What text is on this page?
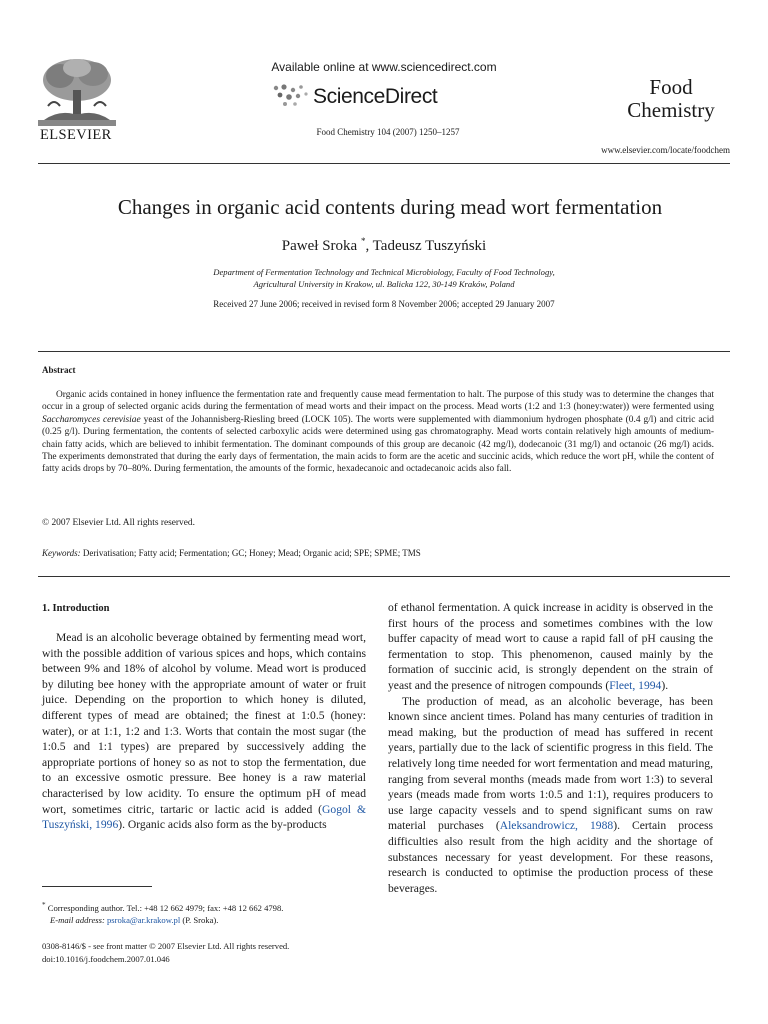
ELSEVIER
Available online at www.sciencedirect.com
ScienceDirect
Food Chemistry 104 (2007) 1250–1257
Food
Chemistry
www.elsevier.com/locate/foodchem
Changes in organic acid contents during mead wort fermentation
Paweł Sroka *, Tadeusz Tuszyński
Department of Fermentation Technology and Technical Microbiology, Faculty of Food Technology,
Agricultural University in Krakow, ul. Balicka 122, 30-149 Kraków, Poland
Received 27 June 2006; received in revised form 8 November 2006; accepted 29 January 2007
Abstract
Organic acids contained in honey influence the fermentation rate and frequently cause mead fermentation to halt. The purpose of this study was to determine the changes that occur in a group of selected organic acids during the fermentation of mead worts and their impact on the process. Mead worts (1:2 and 1:3 (honey:water)) were fermented using Saccharomyces cerevisiae yeast of the Johannisberg-Riesling breed (LOCK 105). The worts were supplemented with diammonium hydrogen phosphate (0.4 g/l) and citric acid (0.25 g/l). During fermentation, the contents of selected carboxylic acids were determined using gas chromatography. Mead worts contain relatively high amounts of medium-chain fatty acids, which are believed to inhibit fermentation. The dominant compounds of this group are decanoic (42 mg/l), dodecanoic (31 mg/l) and octanoic (26 mg/l) acids. The experiments demonstrated that during the early days of fermentation, the main acids to form are the acetic and succinic acids, which reduce the wort pH, while the content of fatty acids drops by 70–80%. During fermentation, the amounts of the formic, hexadecanoic and octadecanoic acids also fall.
© 2007 Elsevier Ltd. All rights reserved.
Keywords: Derivatisation; Fatty acid; Fermentation; GC; Honey; Mead; Organic acid; SPE; SPME; TMS
1. Introduction

Mead is an alcoholic beverage obtained by fermenting mead wort, with the possible addition of various spices and hops, which contains between 9% and 18% of alcohol by volume. Mead wort is produced by diluting bee honey with the appropriate amount of water or fruit juice. Depending on the proportion to which honey is diluted, different types of mead are obtained; the finest at 1:0.5 (honey: water), or at 1:1, 1:2 and 1:3. Worts that contain the most sugar (the 1:0.5 and 1:1 types) are prepared by successively adding the appropriate portions of honey so as not to stop the fermentation, due to an excessive osmotic pressure. Bee honey is a raw material characterised by low acidity. To ensure the optimum pH of mead wort, sometimes citric, tartaric or lactic acid is added (Gogol & Tuszyński, 1996). Organic acids also form as the by-products

of ethanol fermentation. A quick increase in acidity is observed in the first hours of the process and sometimes combines with the low buffer capacity of mead wort to cause a rapid fall of pH causing the fermentation to stop. This phenomenon, caused mainly by the formation of succinic acid, is strongly dependent on the strain of yeast and the presence of nitrogen compounds (Fleet, 1994).

The production of mead, as an alcoholic beverage, has been known since ancient times. Poland has many centuries of tradition in mead making, but the production of mead has suffered in recent years, partially due to the lack of scientific progress in this field. The relatively long time needed for wort fermentation and mead maturing, ranging from several months (meads made from wort 1:3) to several years (meads made from worts 1:0.5 and 1:1), requires producers to use large capacity vessels and to spend significant sums on raw material purchases (Aleksandrowicz, 1988). Certain process difficulties also result from the high acidity and the shortage of substances necessary for yeast development. For these reasons, research is conducted to optimise the production process of these beverages.

* Corresponding author. Tel.: +48 12 662 4979; fax: +48 12 662 4798.
E-mail address: psroka@ar.krakow.pl (P. Sroka).
0308-8146/$ - see front matter © 2007 Elsevier Ltd. All rights reserved.
doi:10.1016/j.foodchem.2007.01.046
